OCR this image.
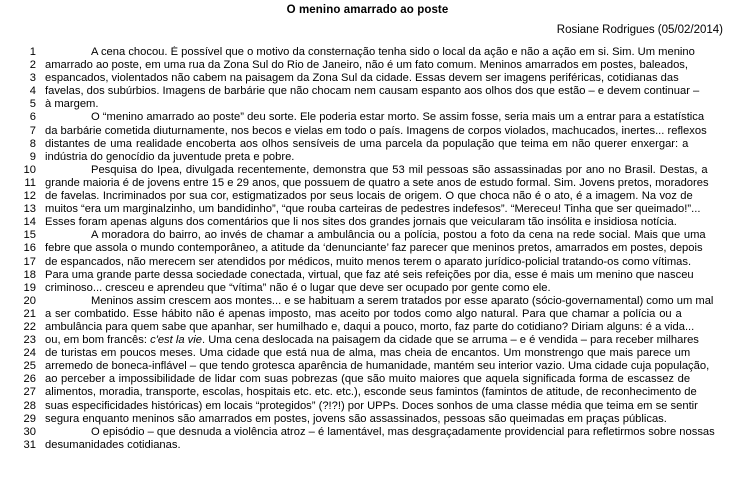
O menino amarrado ao poste
Rosiane Rodrigues (05/02/2014)
1	A cena chocou. É possível que o motivo da consternação tenha sido o local da ação e não a ação em si. Sim. Um menino
2 amarrado ao poste, em uma rua da Zona Sul do Rio de Janeiro, não é um fato comum. Meninos amarrados em postes, baleados,
3 espancados, violentados não cabem na paisagem da Zona Sul da cidade. Essas devem ser imagens periféricas, cotidianas das
4 favelas, dos subúrbios. Imagens de barbárie que não chocam nem causam espanto aos olhos dos que estão – e devem continuar –
5 à margem.
6	O “menino amarrado ao poste” deu sorte. Ele poderia estar morto. Se assim fosse, seria mais um a entrar para a estatística
7 da barbárie cometida diuturnamente, nos becos e vielas em todo o país. Imagens de corpos violados, machucados, inertes... reflexos
8 distantes de uma realidade encoberta aos olhos sensíveis de uma parcela da população que teima em não querer enxergar: a
9 indústria do genocídio da juventude preta e pobre.
10	Pesquisa do Ipea, divulgada recentemente, demonstra que 53 mil pessoas são assassinadas por ano no Brasil. Destas, a
11 grande maioria é de jovens entre 15 e 29 anos, que possuem de quatro a sete anos de estudo formal. Sim. Jovens pretos, moradores
12 de favelas. Incriminados por sua cor, estigmatizados por seus locais de origem. O que choca não é o ato, é a imagem. Na voz de
13 muitos “era um marginalzinho, um bandidinho”, “que rouba carteiras de pedestres indefesos”. “Mereceu! Tinha que ser queimado!”...
14 Esses foram apenas alguns dos comentários que li nos sites dos grandes jornais que veicularam tão insólita e insidiosa notícia.
15	A moradora do bairro, ao invés de chamar a ambulância ou a polícia, postou a foto da cena na rede social. Mais que uma
16 febre que assola o mundo contemporâneo, a atitude da ‘denunciante’ faz parecer que meninos pretos, amarrados em postes, depois
17 de espancados, não merecem ser atendidos por médicos, muito menos terem o aparato jurídico-policial tratando-os como vítimas.
18 Para uma grande parte dessa sociedade conectada, virtual, que faz até seis refeições por dia, esse é mais um menino que nasceu
19 criminoso... cresceu e aprendeu que “vítima” não é o lugar que deve ser ocupado por gente como ele.
20	Meninos assim crescem aos montes... e se habituam a serem tratados por esse aparato (sócio-governamental) como um mal
21 a ser combatido. Esse hábito não é apenas imposto, mas aceito por todos como algo natural. Para que chamar a polícia ou a
22 ambulância para quem sabe que apanhar, ser humilhado e, daqui a pouco, morto, faz parte do cotidiano? Diriam alguns: é a vida...
23 ou, em bom francês: c'est la vie. Uma cena deslocada na paisagem da cidade que se arruma – e é vendida – para receber milhares
24 de turistas em poucos meses. Uma cidade que está nua de alma, mas cheia de encantos. Um monstrengo que mais parece um
25 arremedo de boneca-inflável – que tendo grotesca aparência de humanidade, mantém seu interior vazio. Uma cidade cuja população,
26 ao perceber a impossibilidade de lidar com suas pobrezas (que são muito maiores que aquela significada forma de escassez de
27 alimentos, moradia, transporte, escolas, hospitais etc. etc. etc.), esconde seus famintos (famintos de atitude, de reconhecimento de
28 suas especificidades históricas) em locais “protegidos” (?!?!) por UPPs. Doces sonhos de uma classe média que teima em se sentir
29 segura enquanto meninos são amarrados em postes, jovens são assassinados, pessoas são queimadas em praças públicas.
30	O episódio – que desnuda a violência atroz – é lamentável, mas desgraçadamente providencial para refletirmos sobre nossas
31 desumanidades cotidianas.
